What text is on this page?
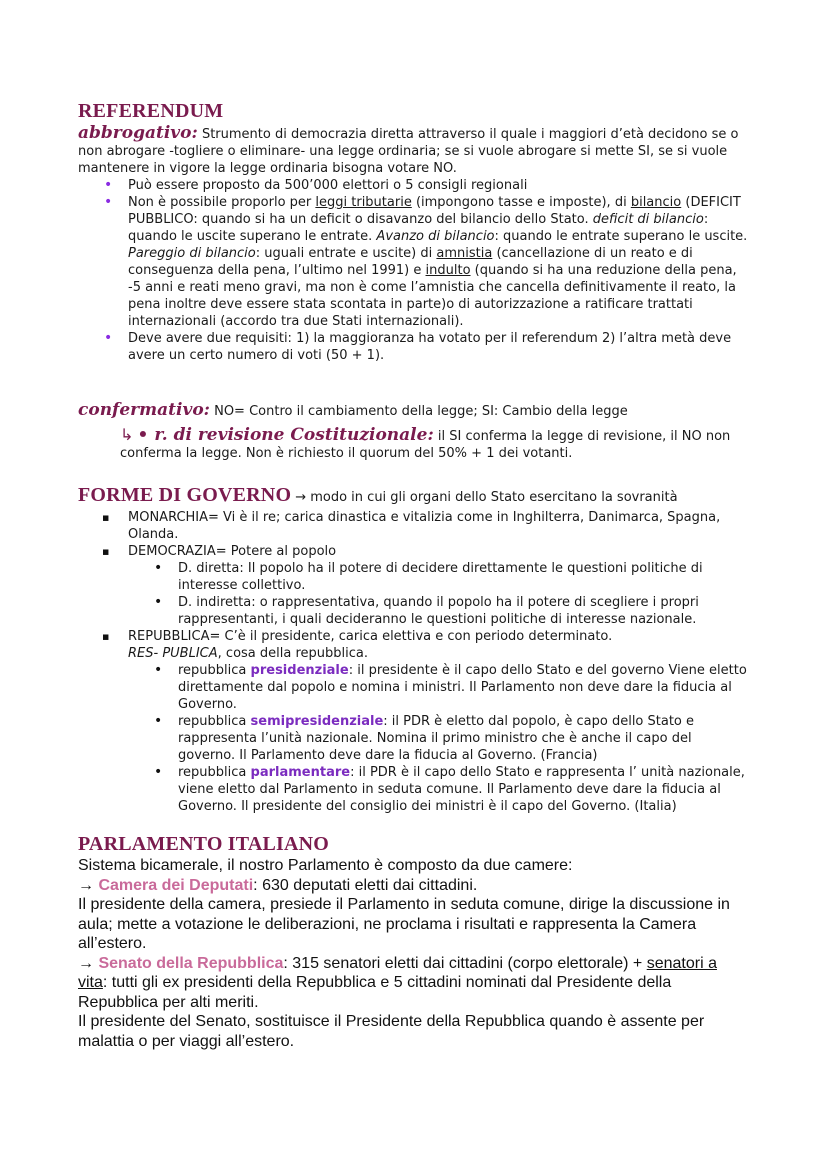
REFERENDUM

abbrogativo: Strumento di democrazia diretta attraverso il quale i maggiori d’età decidono se o non abrogare -togliere o eliminare- una legge ordinaria; se si vuole abrogare si mette SI, se si vuole mantenere in vigore la legge ordinaria bisogna votare NO.

• Può essere proposto da 500’000 elettori o 5 consigli regionali
• Non è possibile proporlo per leggi tributarie (impongono tasse e imposte), di bilancio (DEFICIT PUBBLICO: quando si ha un deficit o disavanzo del bilancio dello Stato. deficit di bilancio: quando le uscite superano le entrate. Avanzo di bilancio: quando le entrate superano le uscite. Pareggio di bilancio: uguali entrate e uscite) di amnistia (cancellazione di un reato e di conseguenza della pena, l’ultimo nel 1991) e indulto (quando si ha una reduzione della pena, -5 anni e reati meno gravi, ma non è come l’amnistia che cancella definitivamente il reato, la pena inoltre deve essere stata scontata in parte)o di autorizzazione a ratificare trattati internazionali (accordo tra due Stati internazionali).
• Deve avere due requisiti: 1) la maggioranza ha votato per il referendum 2) l’altra metà deve avere un certo numero di voti (50 + 1).

confermativo: NO= Contro il cambiamento della legge; SI: Cambio della legge

↳ • r. di revisione Costituzionale: il SI conferma la legge di revisione, il NO non conferma la legge. Non è richiesto il quorum del 50% + 1 dei votanti.

FORME DI GOVERNO → modo in cui gli organi dello Stato esercitano la sovranità
▪ MONARCHIA= Vi è il re; carica dinastica e vitalizia come in Inghilterra, Danimarca, Spagna, Olanda.
▪ DEMOCRAZIA= Potere al popolo
• D. diretta: Il popolo ha il potere di decidere direttamente le questioni politiche di interesse collettivo.
• D. indiretta: o rappresentativa, quando il popolo ha il potere di scegliere i propri rappresentanti, i quali decideranno le questioni politiche di interesse nazionale.
▪ REPUBBLICA= C’è il presidente, carica elettiva e con periodo determinato.
RES- PUBLICA, cosa della repubblica.
• repubblica presidenziale: il presidente è il capo dello Stato e del governo Viene eletto direttamente dal popolo e nomina i ministri. Il Parlamento non deve dare la fiducia al Governo.
• repubblica semipresidenziale: il PDR è eletto dal popolo, è capo dello Stato e rappresenta l’unità nazionale. Nomina il primo ministro che è anche il capo del governo. Il Parlamento deve dare la fiducia al Governo. (Francia)
• repubblica parlamentare: il PDR è il capo dello Stato e rappresenta l’ unità nazionale, viene eletto dal Parlamento in seduta comune. Il Parlamento deve dare la fiducia al Governo. Il presidente del consiglio dei ministri è il capo del Governo. (Italia)
PARLAMENTO ITALIANO

Sistema bicamerale, il nostro Parlamento è composto da due camere:

→ Camera dei Deputati: 630 deputati eletti dai cittadini.

Il presidente della camera, presiede il Parlamento in seduta comune, dirige la discussione in aula; mette a votazione le deliberazioni, ne proclama i risultati e rappresenta la Camera all’estero.

→ Senato della Repubblica: 315 senatori eletti dai cittadini (corpo elettorale) + senatori a vita: tutti gli ex presidenti della Repubblica e 5 cittadini nominati dal Presidente della Repubblica per alti meriti.

Il presidente del Senato, sostituisce il Presidente della Repubblica quando è assente per malattia o per viaggi all’estero.
